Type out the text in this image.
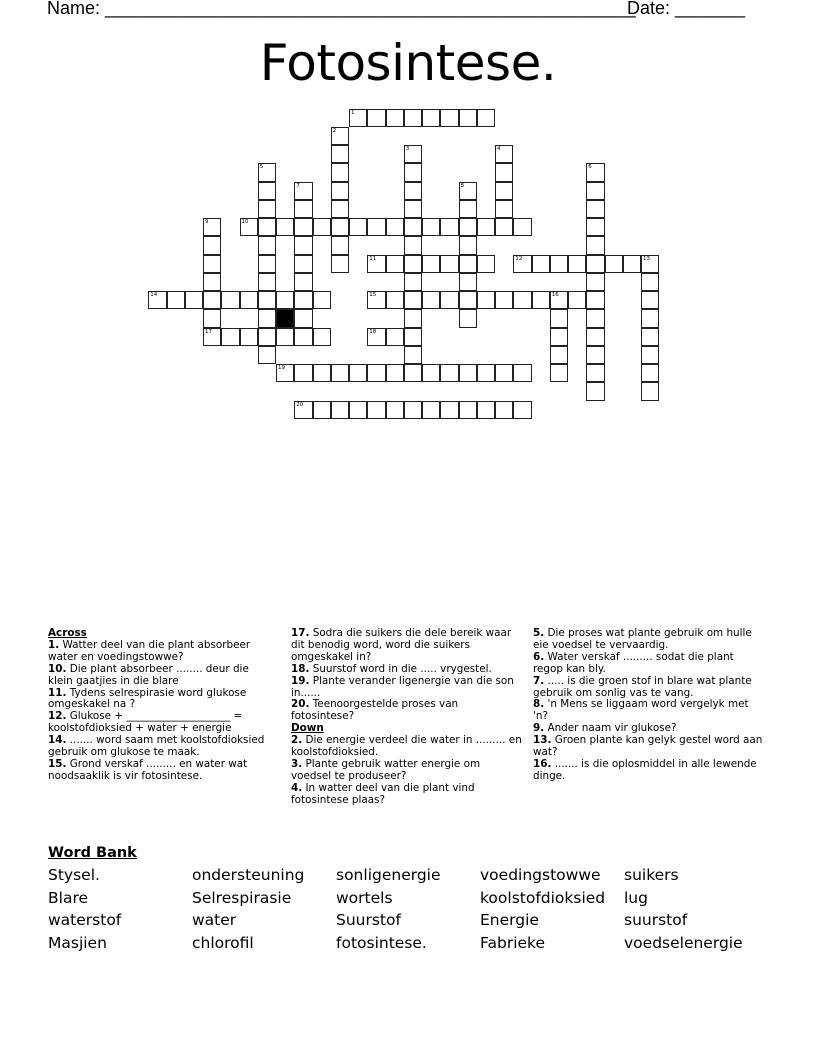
Name: _____________________________________________________
Date: _______
Fotosintese.
1
2
3	4
5	6
7	8
9
17
10
11	12	13
14	15	16
18
19
20
Across
1. Watter deel van die plant absorbeer water en voedingstowwe?
10. Die plant absorbeer ........ deur die klein gaatjies in die blare
11. Tydens selrespirasie word glukose omgeskakel na ?
12. Glukose + ____________________ = koolstofdioksied + water + energie
14. ....... word saam met koolstofdioksied gebruik om glukose te maak.
15. Grond verskaf ......... en water wat noodsaaklik is vir fotosintese.
17. Sodra die suikers die dele bereik waar dit benodig word, word die suikers omgeskakel in?
18. Suurstof word in die ..... vrygestel.
19. Plante verander ligenergie van die son in......
20. Teenoorgestelde proses van fotosintese?
Down
2. Die energie verdeel die water in ......... en koolstofdioksied.
3. Plante gebruik watter energie om voedsel te produseer?
4. In watter deel van die plant vind fotosintese plaas?
5. Die proses wat plante gebruik om hulle eie voedsel te vervaardig.
6. Water verskaf ......... sodat die plant regop kan bly.
7. ..... is die groen stof in blare wat plante gebruik om sonlig vas te vang.
8. 'n Mens se liggaam word vergelyk met 'n?
9. Ander naam vir glukose?
13. Groen plante kan gelyk gestel word aan wat?
16. ....... is die oplosmiddel in alle lewende dinge.
Word Bank
Stysel.	ondersteuning	sonligenergie	voedingstowwe	suikers
Blare	Selrespirasie	wortels	koolstofdioksied	lug
waterstof	water	Suurstof	Energie	suurstof
Masjien	chlorofil	fotosintese.	Fabrieke	voedselenergie
